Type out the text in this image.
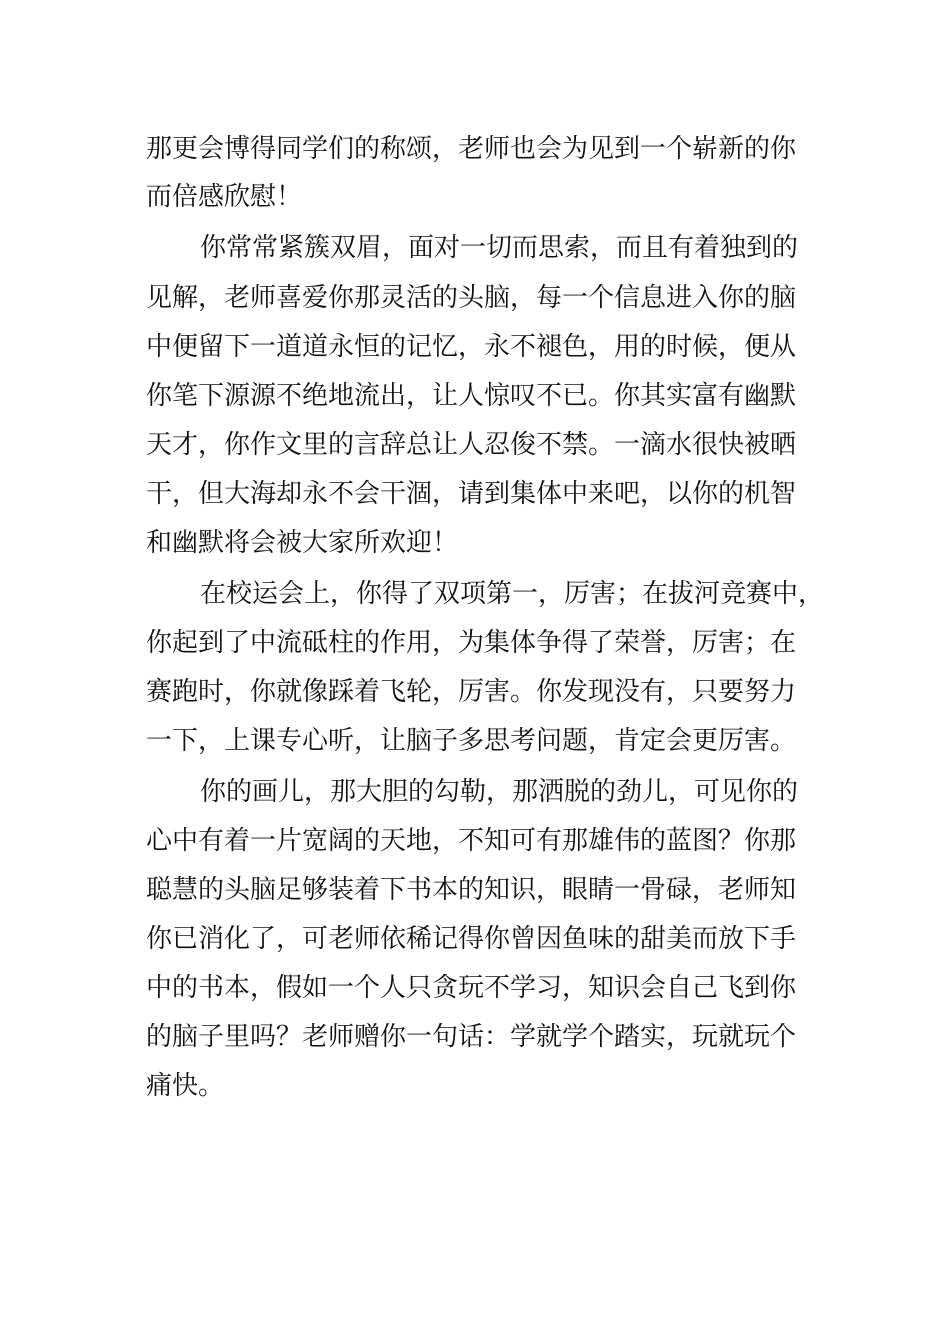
那更会博得同学们的称颂，老师也会为见到一个崭新的你
而倍感欣慰！
你常常紧簇双眉，面对一切而思索，而且有着独到的
见解，老师喜爱你那灵活的头脑，每一个信息进入你的脑
中便留下一道道永恒的记忆，永不褪色，用的时候，便从
你笔下源源不绝地流出，让人惊叹不已。你其实富有幽默
天才，你作文里的言辞总让人忍俊不禁。一滴水很快被晒
干，但大海却永不会干涸，请到集体中来吧，以你的机智
和幽默将会被大家所欢迎！
在校运会上，你得了双项第一，厉害；在拔河竞赛中，
你起到了中流砥柱的作用，为集体争得了荣誉，厉害；在
赛跑时，你就像踩着飞轮，厉害。你发现没有，只要努力
一下，上课专心听，让脑子多思考问题，肯定会更厉害。
你的画儿，那大胆的勾勒，那洒脱的劲儿，可见你的
心中有着一片宽阔的天地，不知可有那雄伟的蓝图？你那
聪慧的头脑足够装着下书本的知识，眼睛一骨碌，老师知
你已消化了，可老师依稀记得你曾因鱼味的甜美而放下手
中的书本，假如一个人只贪玩不学习，知识会自己飞到你
的脑子里吗？老师赠你一句话：学就学个踏实，玩就玩个
痛快。
